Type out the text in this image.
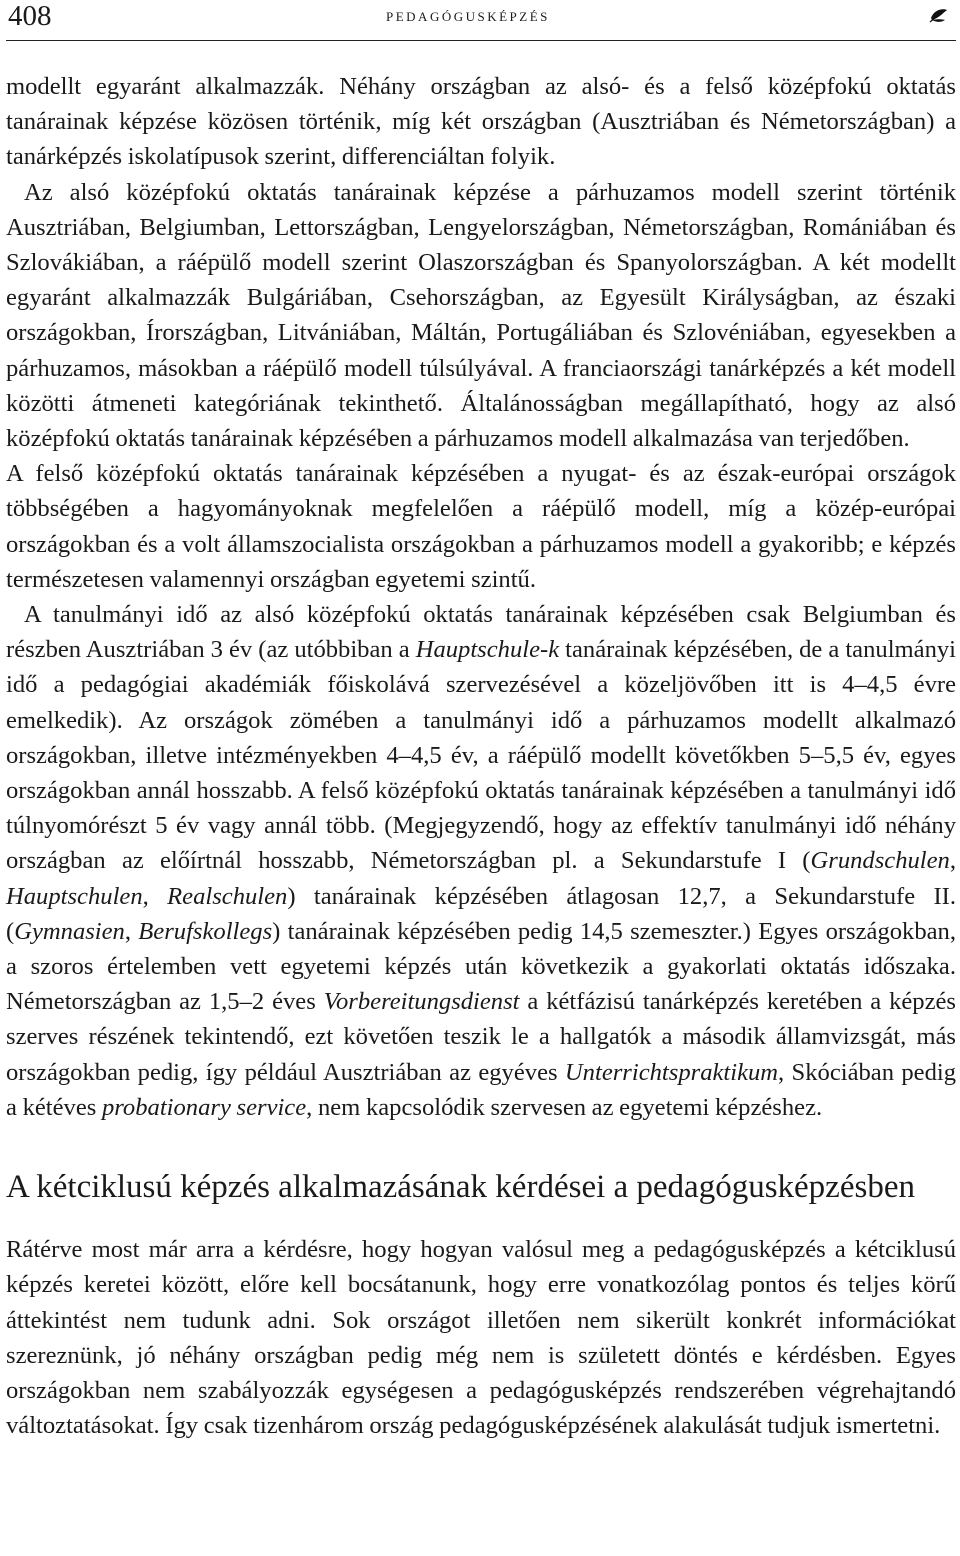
408	pedagógusképzés

modellt egyaránt alkalmazzák. Néhány országban az alsó- és a felső középfokú oktatás tanárainak képzése közösen történik, míg két országban (Ausztriában és Németországban) a tanárképzés iskolatípusok szerint, differenciáltan folyik.

Az alsó középfokú oktatás tanárainak képzése a párhuzamos modell szerint történik Ausztriában, Belgiumban, Lettországban, Lengyelországban, Németországban, Romániában és Szlovákiában, a ráépülő modell szerint Olaszországban és Spanyolországban. A két modellt egyaránt alkalmazzák Bulgáriában, Csehországban, az Egyesült Királyságban, az északi országokban, Írországban, Litvániában, Máltán, Portugáliában és Szlovéniában, egyesekben a párhuzamos, másokban a ráépülő modell túlsúlyával. A franciaországi tanárképzés a két modell közötti átmeneti kategóriának tekinthető. Általánosságban megállapítható, hogy az alsó középfokú oktatás tanárainak képzésében a párhuzamos modell alkalmazása van terjedőben.

A felső középfokú oktatás tanárainak képzésében a nyugat- és az észak-európai országok többségében a hagyományoknak megfelelően a ráépülő modell, míg a közép-európai országokban és a volt államszocialista országokban a párhuzamos modell a gyakoribb; e képzés természetesen valamennyi országban egyetemi szintű.

A tanulmányi idő az alsó középfokú oktatás tanárainak képzésében csak Belgiumban és részben Ausztriában 3 év (az utóbbiban a Hauptschule-k tanárainak képzésében, de a tanulmányi idő a pedagógiai akadémiák főiskolává szervezésével a közeljövőben itt is 4–4,5 évre emelkedik). Az országok zömében a tanulmányi idő a párhuzamos modellt alkalmazó országokban, illetve intézményekben 4–4,5 év, a ráépülő modellt követőkben 5–5,5 év, egyes országokban annál hosszabb. A felső középfokú oktatás tanárainak képzésében a tanulmányi idő túlnyomórészt 5 év vagy annál több. (Megjegyzendő, hogy az effektív tanulmányi idő néhány országban az előírtnál hosszabb, Németországban pl. a Sekundarstufe I (Grundschulen, Hauptschulen, Realschulen) tanárainak képzésében átlagosan 12,7, a Sekundarstufe II. (Gymnasien, Berufskollegs) tanárainak képzésében pedig 14,5 szemeszter.) Egyes országokban, a szoros értelemben vett egyetemi képzés után következik a gyakorlati oktatás időszaka. Németországban az 1,5–2 éves Vorbereitungsdienst a kétfázisú tanárképzés keretében a képzés szerves részének tekintendő, ezt követően teszik le a hallgatók a második államvizsgát, más országokban pedig, így például Ausztriában az egyéves Unterrichtspraktikum, Skóciában pedig a kétéves probationary service, nem kapcsolódik szervesen az egyetemi képzéshez.

A kétciklusú képzés alkalmazásának kérdései a pedagógusképzésben

Rátérve most már arra a kérdésre, hogy hogyan valósul meg a pedagógusképzés a kétciklusú képzés keretei között, előre kell bocsátanunk, hogy erre vonatkozólag pontos és teljes körű áttekintést nem tudunk adni. Sok országot illetően nem sikerült konkrét információkat szereznünk, jó néhány országban pedig még nem is született döntés e kérdésben. Egyes országokban nem szabályozzák egységesen a pedagógusképzés rendszerében végrehajtandó változtatásokat. Így csak tizenhárom ország pedagógusképzésének alakulását tudjuk ismertetni.
